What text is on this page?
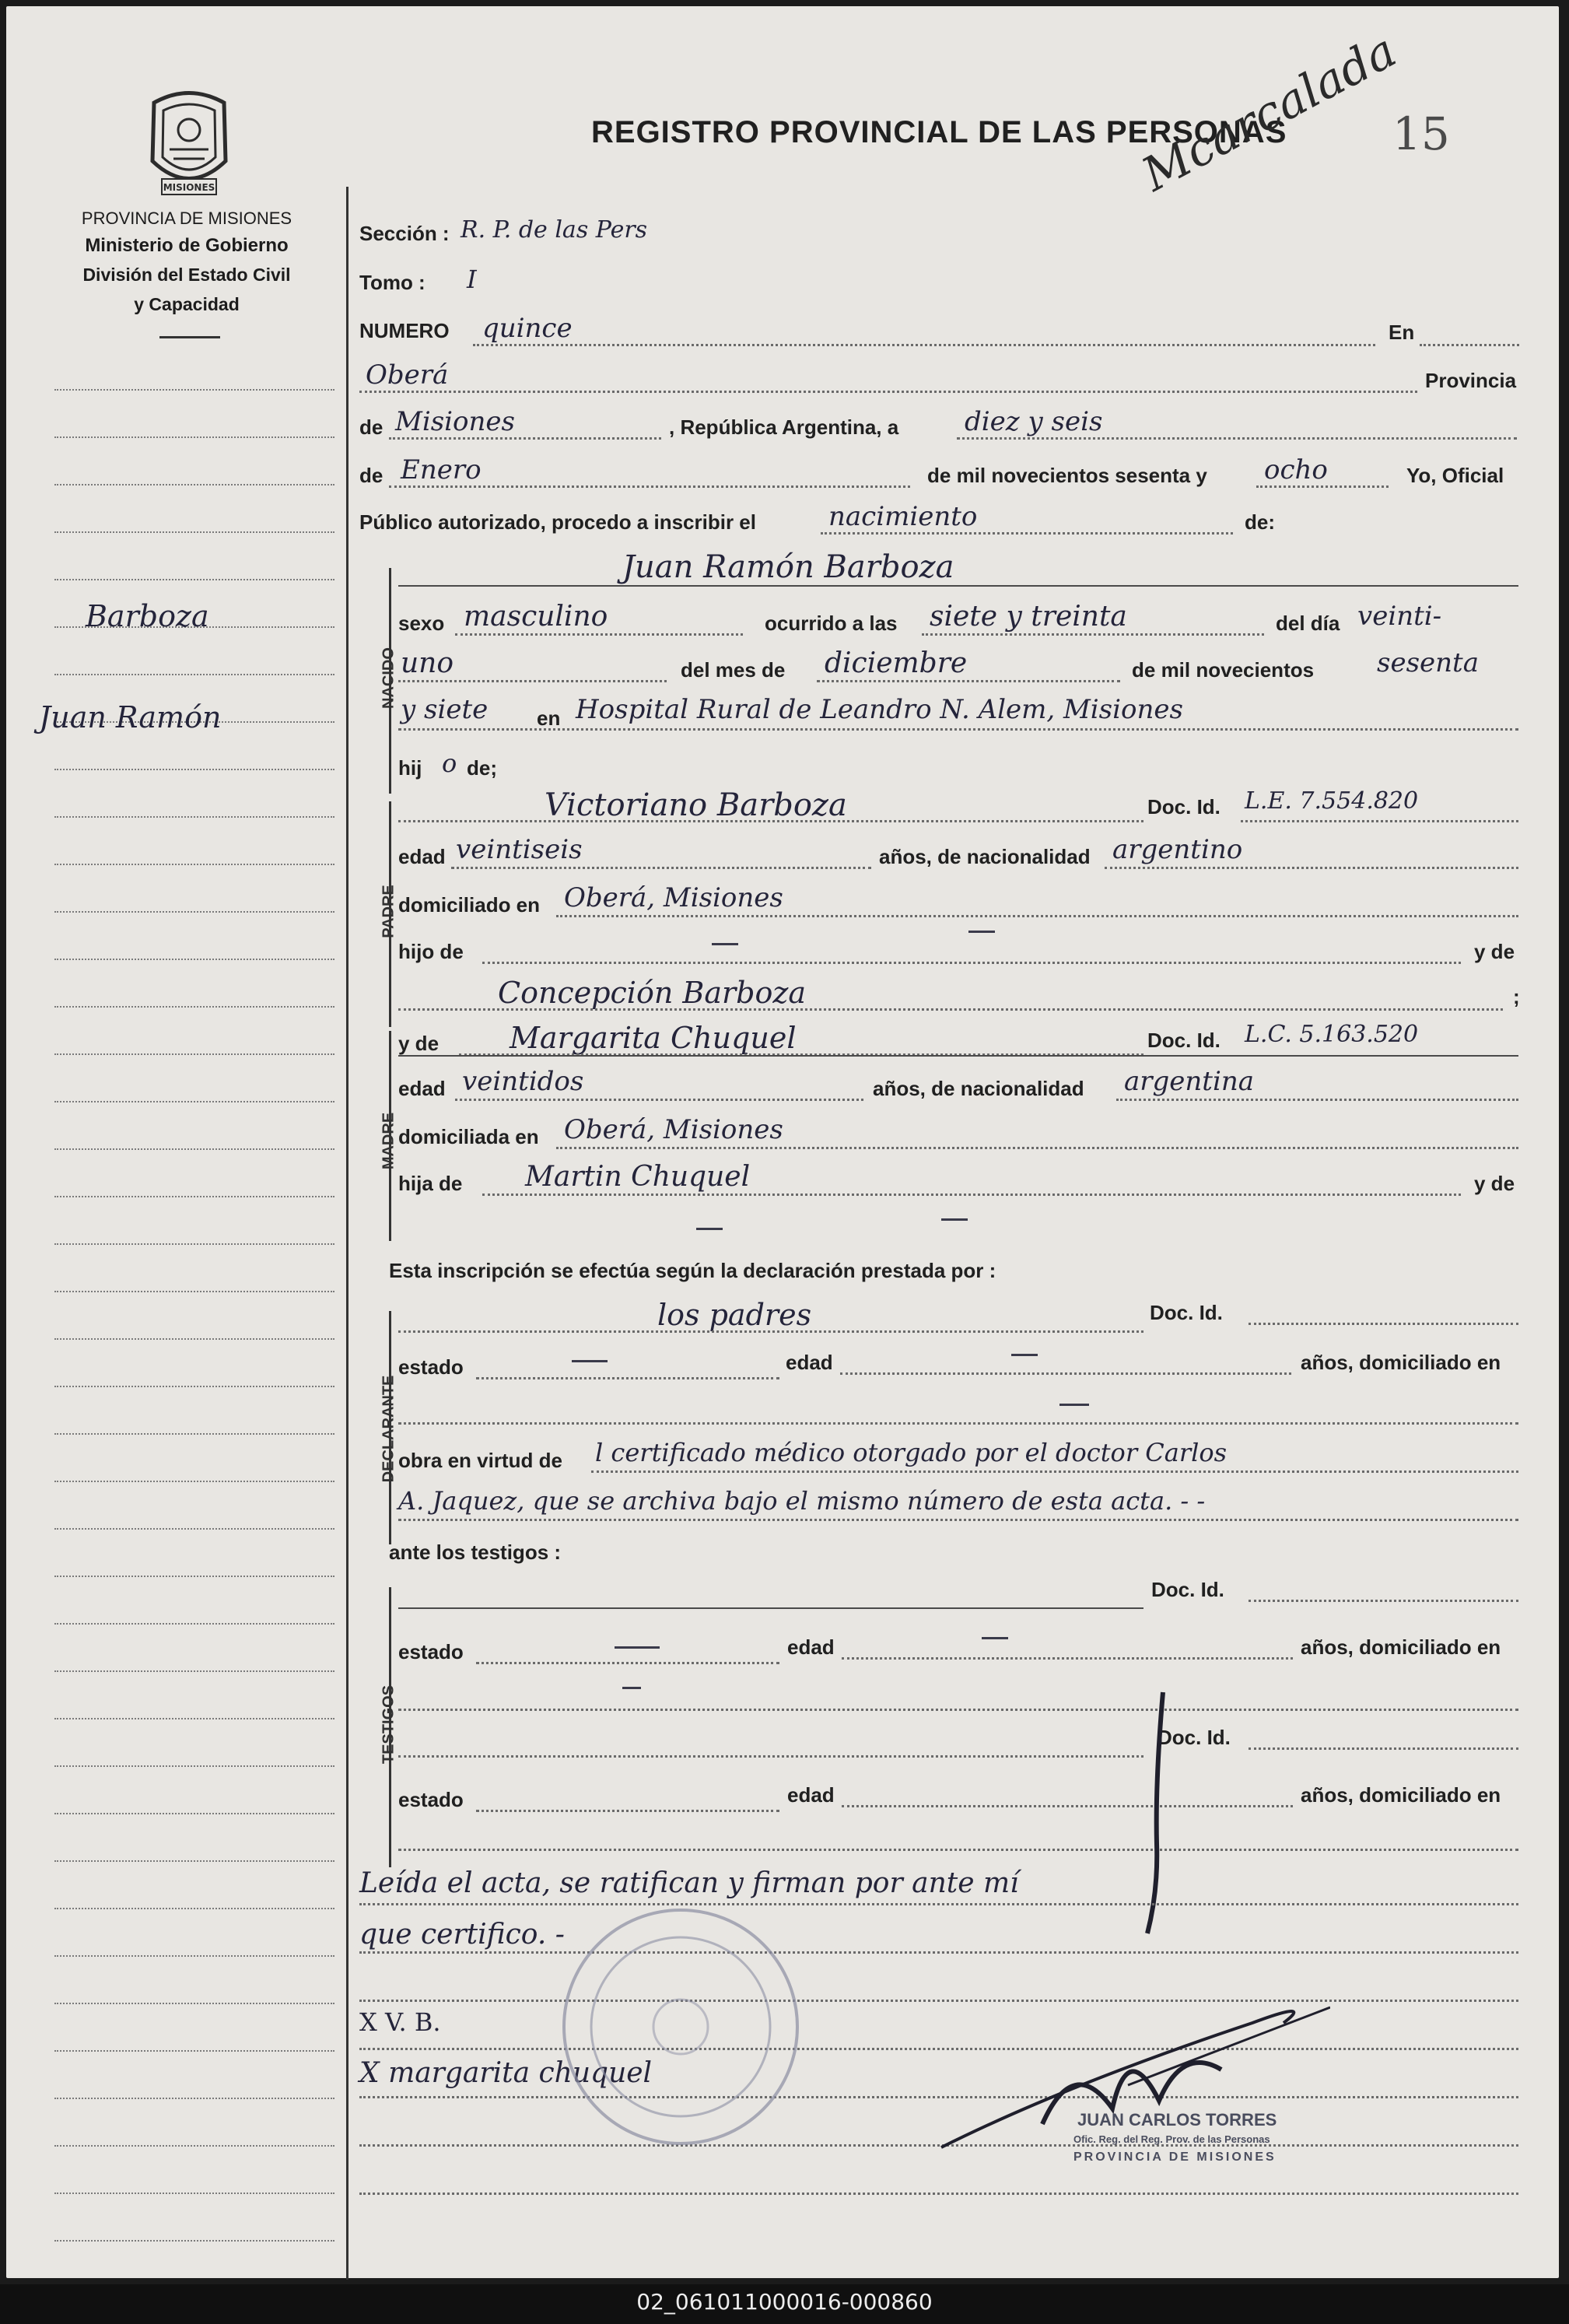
MISIONES
PROVINCIA DE MISIONES
Ministerio de Gobierno
División del Estado Civil
y Capacidad
REGISTRO PROVINCIAL DE LAS PERSONAS 15
Mcarcalada
Barboza
Juan Ramón
Sección : R. P. de las Pers
Tomo : I
NUMERO quince	En
Oberá	Provincia
de Misiones	, República Argentina, a diez y seis
de Enero	de mil novecientos sesenta y ocho	Yo, Oficial
Público autorizado, procedo a inscribir el	nacimiento	de:
NACIDO
Juan Ramón Barboza
sexo masculino	ocurrido a las siete y treinta	del día veinti-
uno	del mes de diciembre	de mil novecientos sesenta
y siete en Hospital Rural de Leandro N. Alem, Misiones
hij o de;
PADRE
Victoriano Barboza	Doc. Id. L.E. 7.554.820
edad veintiseis	años, de nacionalidad argentino
domiciliado en Oberá, Misiones
hijo de	y de
Concepción Barboza	;
MADRE
y de Margarita Chuquel	Doc. Id. L.C. 5.163.520
edad veintidos	años, de nacionalidad argentina
domiciliada en Oberá, Misiones
hija de Martin Chuquel	y de
Esta inscripción se efectúa según la declaración prestada por :
DECLARANTE
los padres	Doc. Id.
estado	edad	años, domiciliado en
obra en virtud de l certificado médico otorgado por el doctor Carlos
A. Jaquez, que se archiva bajo el mismo número de esta acta. - -
ante los testigos :
TESTIGOS
Doc. Id.
estado	edad	años, domiciliado en
Doc. Id.
estado	edad	años, domiciliado en
Leída el acta, se ratifican y firman por ante mí
que certifico. -
X V. B.
X margarita chuquel
JUAN CARLOS TORRES
Ofic. Reg. del Reg. Prov. de las Personas
PROVINCIA DE MISIONES
02_061011000016-000860
